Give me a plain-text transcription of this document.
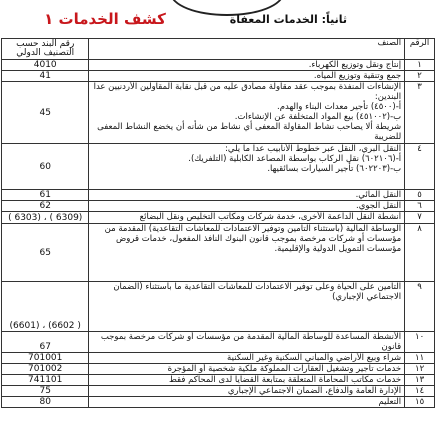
كشف الخدمات ١	ثانياً: الخدمات المعفاة
رقم البند حسب التصنيف الدولي	الصنف	الرقم
4010	إنتاج ونقل وتوزيع الكهرباء.	١
41	جمع وتنقية وتوزيع المياه.	٢
45	الإنشاءات المنفذة بموجب عقد مقاولة مصادق عليه من قبل نقابة المقاولين الأردنيين عدا البندين:
أ-(٤٥٠٠) تأجير معدات البناء والهدم.
ب-(٤٥١٠٠٢) بيع المواد المتخلفة عن الإنشاءات.
شريطة ألا يصاحب نشاط المقاولة المعفى أي نشاط من شأنه أن يخضع النشاط المعفى للضريبة	٣
60	النقل البري، النقل عبر خطوط الأنابيب عدا ما يلي:
أ-(٦٠٢١٠٦) نقل الركاب بواسطة المصاعد الكابلية (التلفريك).
ب-(٦٠٢٢٠٣) تأجير السيارات بسائقيها.	٤
61	النقل المائي.	٥
62	النقل الجوي.	٦
( 6303) ، ( 6309)	أنشطة النقل الداعمة الأخرى، خدمة شركات ومكاتب التخليص ونقل البضائع	٧
65	الوساطة المالية (باستثناء التأمين وتوفير الاعتمادات للمعاشات التقاعدية) المقدمة من مؤسسات أو شركات مرخصة بموجب قانون البنوك النافذ المفعول، خدمات قروض مؤسسات التمويل الدولية والإقليمية.	٨
(6601) ، (6602 )	التأمين على الحياة وعلى توفير الاعتمادات للمعاشات التقاعدية ما باستثناء (الضمان الاجتماعي الإجباري)	٩
67	الأنشطة المساعدة للوساطة المالية المقدمة من مؤسسات أو شركات مرخصة بموجب قانون	١٠
701001	شراء وبيع الأراضي والمباني السكنية وغير السكنية	١١
701002	خدمات تأجير وتشغيل العقارات المملوكة ملكية شخصية أو المؤجرة	١٢
741101	خدمات مكاتب المحاماة المتعلقة بمتابعة القضايا لدى المحاكم فقط	١٣
75	الإدارة العامة والدفاع، الضمان الاجتماعي الإجباري	١٤
80	التعليم	١٥
